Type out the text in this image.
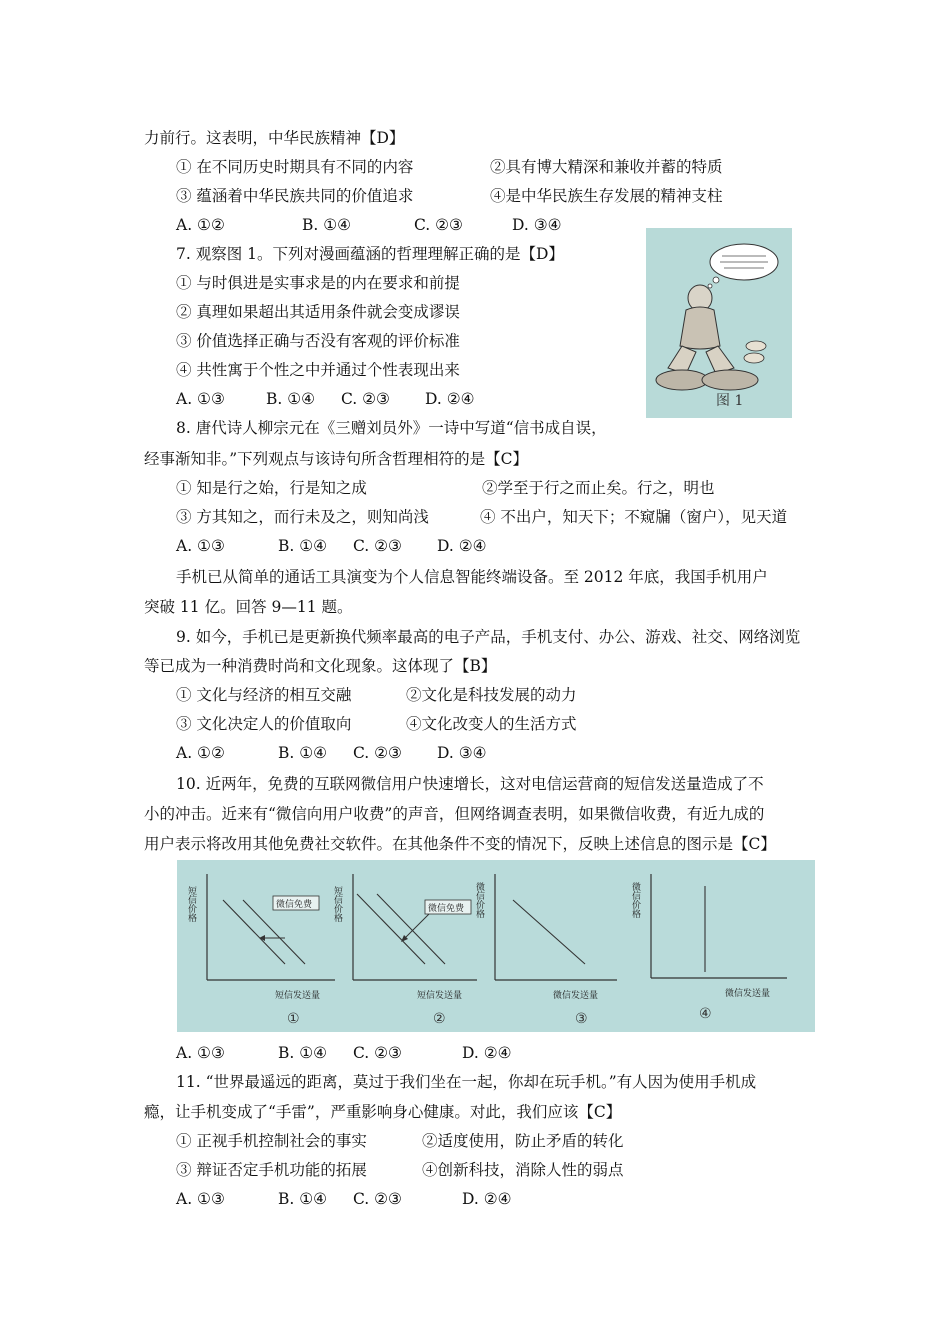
力前行。这表明，中华民族精神【D】
① 在不同历史时期具有不同的内容	②具有博大精深和兼收并蓄的特质
③ 蕴涵着中华民族共同的价值追求	④是中华民族生存发展的精神支柱
A. ①②	B. ①④	C. ②③	D. ③④
7. 观察图 1。下列对漫画蕴涵的哲理理解正确的是【D】
① 与时俱进是实事求是的内在要求和前提
② 真理如果超出其适用条件就会变成谬误
③ 价值选择正确与否没有客观的评价标准
④ 共性寓于个性之中并通过个性表现出来
A. ①③	B. ①④ C. ②③ D. ②④	图 1
8. 唐代诗人柳宗元在《三赠刘员外》一诗中写道“信书成自误，
经事渐知非。”下列观点与该诗句所含哲理相符的是【C】
① 知是行之始，行是知之成	②学至于行之而止矣。行之，明也
③ 方其知之，而行未及之，则知尚浅	④ 不出户，知天下；不窥牖（窗户），见天道
A. ①③	B. ①④ C. ②③ D. ②④
手机已从简单的通话工具演变为个人信息智能终端设备。至 2012 年底，我国手机用户
突破 11 亿。回答 9—11 题。
9. 如今，手机已是更新换代频率最高的电子产品，手机支付、办公、游戏、社交、网络浏览
等已成为一种消费时尚和文化现象。这体现了【B】
① 文化与经济的相互交融	②文化是科技发展的动力
③ 文化决定人的价值取向	④文化改变人的生活方式
A. ①②	B. ①④ C. ②③ D. ③④
10. 近两年，免费的互联网微信用户快速增长，这对电信运营商的短信发送量造成了不
小的冲击。近来有“微信向用户收费”的声音，但网络调查表明，如果微信收费，有近九成的
用户表示将改用其他免费社交软件。在其他条件不变的情况下，反映上述信息的图示是【C】
短信价格	微信免费
短信发送量
①
短信价格	微信免费
短信发送量
②
微信价格
微信发送量
③
微信价格
微信发送量
④
A. ①③	B. ①④ C. ②③	D. ②④
11. “世界最遥远的距离，莫过于我们坐在一起，你却在玩手机。”有人因为使用手机成
瘾，让手机变成了“手雷”，严重影响身心健康。对此，我们应该【C】
① 正视手机控制社会的事实	②适度使用，防止矛盾的转化
③ 辩证否定手机功能的拓展	④创新科技，消除人性的弱点
A. ①③	B. ①④ C. ②③	D. ②④
